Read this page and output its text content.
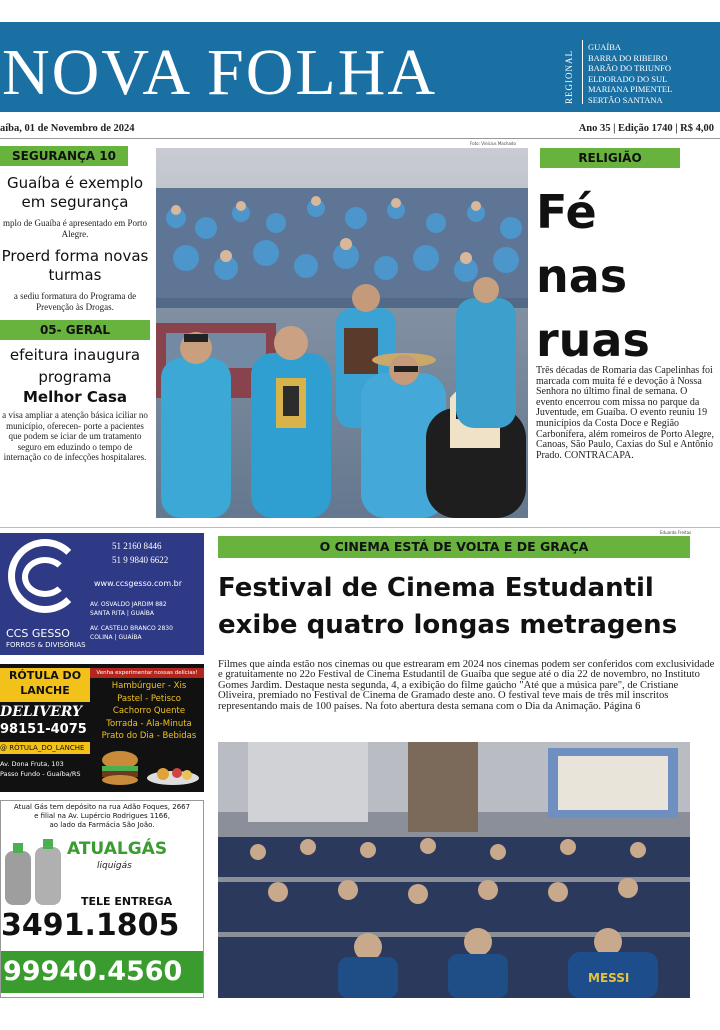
NOVA FOLHA	REGIONAL
GUAÍBA
BARRA DO RIBEIRO
BARÃO DO TRIUNFO
ELDORADO DO SUL
MARIANA PIMENTEL
SERTÃO SANTANA
aíba, 01 de Novembro de 2024	Ano 35 | Edição 1740 | R$ 4,00
SEGURANÇA 10
Guaíba é exemplo em segurança
mplo de Guaíba é apresentado em Porto Alegre.
Proerd forma novas turmas
a sediu formatura do Programa de Prevenção às Drogas.
05- GERAL
efeitura inaugura programa
Melhor Casa
a visa ampliar a atenção básica iciliar no município, oferecen- porte a pacientes que podem se iciar de um tratamento seguro em eduzindo o tempo de internação co de infecções hospitalares.
Foto: Vinícius Machado
RELIGIÃO
Fé
nas
ruas
Três décadas de Romaria das Capelinhas foi marcada com muita fé e devoção à Nossa Senhora no último final de semana. O evento encerrou com missa no parque da Juventude, em Guaíba. O evento reuniu 19 municípios da Costa Doce e Região Carbonífera, além romeiros de Porto Alegre, Canoas, São Paulo, Caxias do Sul e Antônio Prado. CONTRACAPA.
CCS GESSO
FORROS & DIVISÓRIAS
51 2160 8446
51 9 9840 6622
www.ccsgesso.com.br
AV. OSVALDO JARDIM 882
SANTA RITA | GUAÍBA
AV. CASTELO BRANCO 2830
COLINA | GUAÍBA
RÓTULA DO LANCHE
DELIVERY
98151-4075
@ RÓTULA_DO_LANCHE
Av. Dona Fruta, 103
Passo Fundo - Guaíba/RS
Venha experimentar nossas delícias!
Hambúrguer - Xis
Pastel - Petisco
Cachorro Quente
Torrada - Ala-Minuta
Prato do Dia - Bebidas
Atual Gás tem depósito na rua Adão Foques, 2667
e filial na Av. Lupércio Rodrigues 1166,
ao lado da Farmácia São João.
ATUALGÁS
liquigás
TELE ENTREGA
3491.1805
99940.4560
Eduarda Freitas
O CINEMA ESTÁ DE VOLTA E DE GRAÇA
Festival de Cinema Estudantil
exibe quatro longas metragens
Filmes que ainda estão nos cinemas ou que estrearam em 2024 nos cinemas podem ser conferidos com exclusividade e gratuitamente no 22o Festival de Cinema Estudantil de Guaíba que segue até o dia 22 de novembro, no Instituto Gomes Jardim. Destaque nesta segunda, 4, a exibição do filme gaúcho "Até que a música pare", de Cristiane Oliveira, premiado no Festival de Cinema de Gramado deste ano. O festival teve mais de três mil inscritos representando mais de 100 países. Na foto abertura desta semana com o Dia da Animação. Página 6
MESSI
